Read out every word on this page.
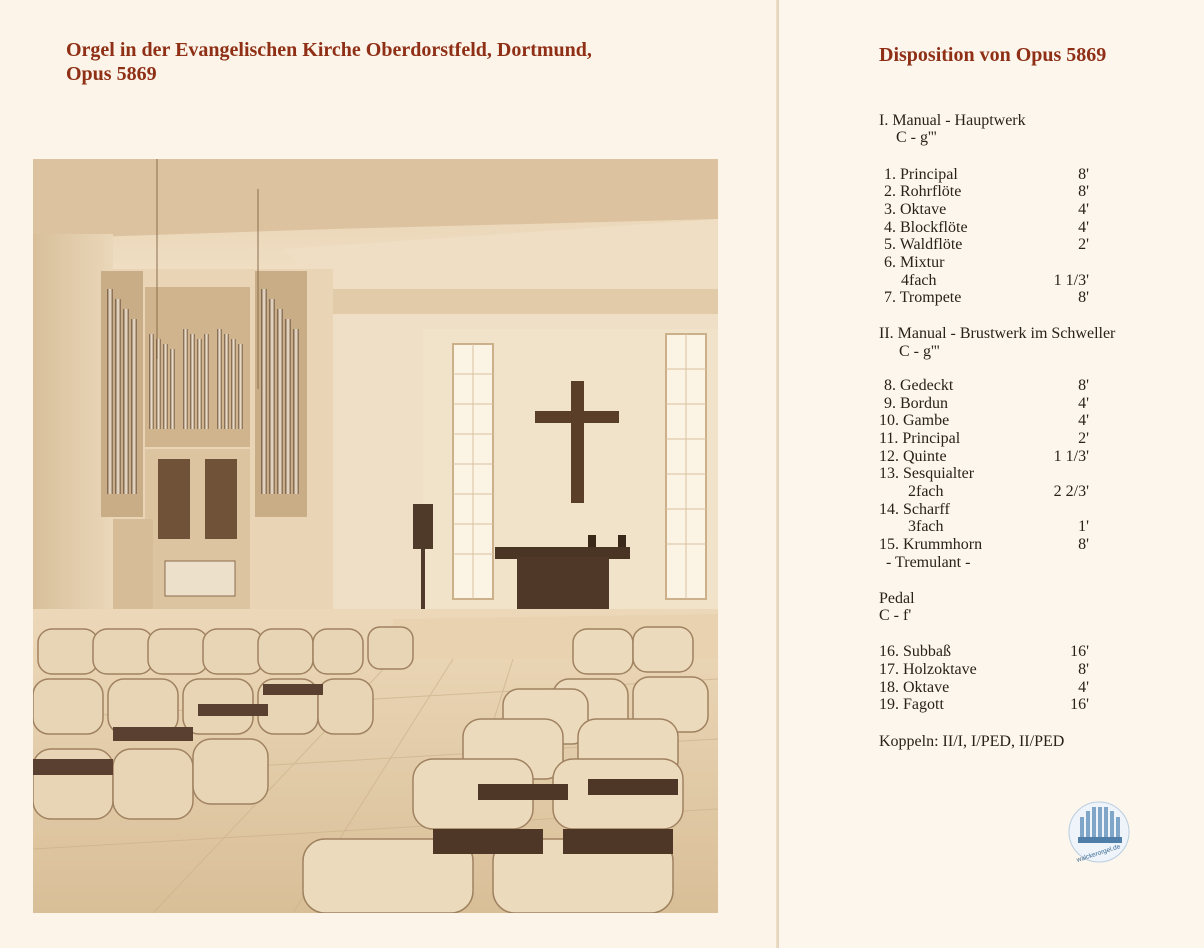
Orgel in der Evangelischen Kirche Oberdorstfeld, Dortmund,
Opus 5869
Disposition von Opus 5869
I. Manual - Hauptwerk
C - g'''
1. Principal	8'
2. Rohrflöte	8'
3. Oktave	4'
4. Blockflöte	4'
5. Waldflöte	2'
6. Mixtur
4fach	1 1/3'
7. Trompete	8'
II. Manual - Brustwerk im Schweller
C - g'''
8. Gedeckt	8'
9. Bordun	4'
10. Gambe	4'
11. Principal	2'
12. Quinte	1 1/3'
13. Sesquialter
2fach	2 2/3'
14. Scharff
3fach	1'
15. Krummhorn	8'
- Tremulant -
Pedal
C - f'
16. Subbaß	16'
17. Holzoktave	8'
18. Oktave	4'
19. Fagott	16'
Koppeln: II/I, I/PED, II/PED
walckerorgel.de
